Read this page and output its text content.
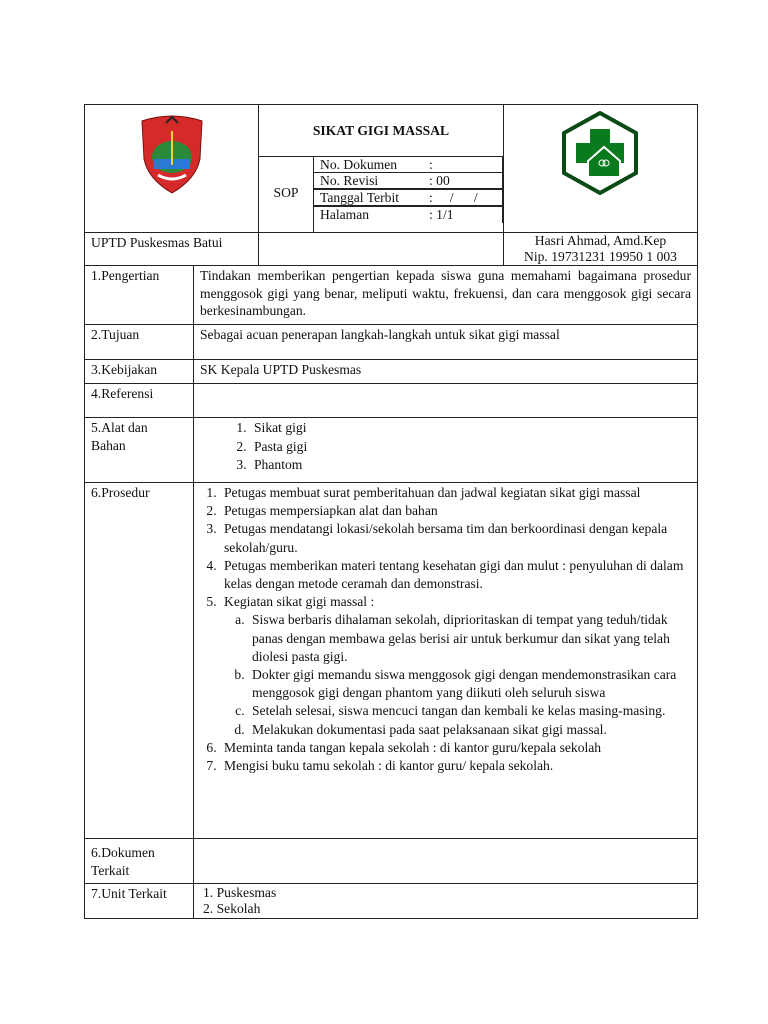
SIKAT GIGI MASSAL
SOP
No. Dokumen :
No. Revisi	: 00
Tanggal Terbit :     /      /
Halaman	: 1/1
UPTD Puskesmas Batui	Hasri Ahmad, Amd.Kep
Nip. 19731231 19950 1 003
1.Pengertian	Tindakan memberikan pengertian kepada siswa guna memahami bagaimana prosedur menggosok gigi yang benar, meliputi waktu, frekuensi, dan cara menggosok gigi secara berkesinambungan.
2.Tujuan	Sebagai acuan penerapan langkah-langkah untuk sikat gigi massal
3.Kebijakan	SK Kepala UPTD Puskesmas
4.Referensi
5.Alat dan
Bahan
1. Sikat gigi
2. Pasta gigi
3. Phantom
6.Prosedur	1. Petugas membuat surat pemberitahuan dan jadwal kegiatan sikat gigi massal
2. Petugas mempersiapkan alat dan bahan
3. Petugas mendatangi lokasi/sekolah bersama tim dan berkoordinasi dengan kepala sekolah/guru.
4. Petugas memberikan materi tentang kesehatan gigi dan mulut : penyuluhan di dalam kelas dengan metode ceramah dan demonstrasi.
5. Kegiatan sikat gigi massal :
a. Siswa berbaris dihalaman sekolah, diprioritaskan di tempat yang teduh/tidak panas dengan membawa gelas berisi air untuk berkumur dan sikat yang telah diolesi pasta gigi.
b. Dokter gigi memandu siswa menggosok gigi dengan mendemonstrasikan cara menggosok gigi dengan phantom yang diikuti oleh seluruh siswa
c. Setelah selesai, siswa mencuci tangan dan kembali ke kelas masing-masing.
d. Melakukan dokumentasi pada saat pelaksanaan sikat gigi massal.
6. Meminta tanda tangan kepala sekolah : di kantor guru/kepala sekolah
7. Mengisi buku tamu sekolah : di kantor guru/ kepala sekolah.
6.Dokumen
Terkait
7.Unit Terkait	1. Puskesmas
2. Sekolah
